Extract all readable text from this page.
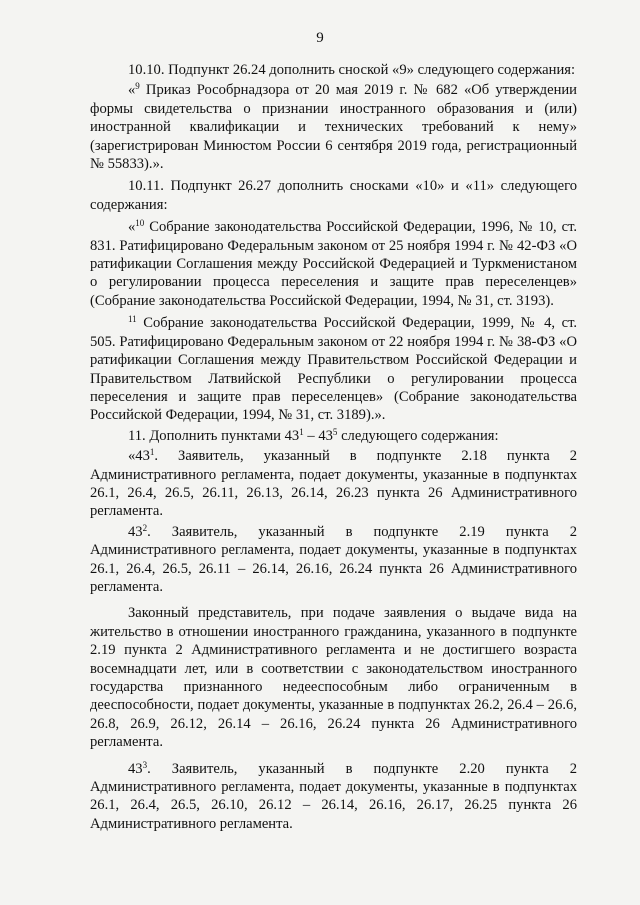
9

10.10. Подпункт 26.24 дополнить сноской «9» следующего содержания:

«$^9$ Приказ Рособрнадзора от 20 мая 2019 г. № 682 «Об утверждении формы свидетельства о признании иностранного образования и (или) иностранной квалификации и технических требований к нему» (зарегистрирован Минюстом России 6 сентября 2019 года, регистрационный № 55833).».

10.11. Подпункт 26.27 дополнить сносками «10» и «11» следующего содержания:

«$^{10}$ Собрание законодательства Российской Федерации, 1996, № 10, ст. 831. Ратифицировано Федеральным законом от 25 ноября 1994 г. № 42-ФЗ «О ратификации Соглашения между Российской Федерацией и Туркменистаном о регулировании процесса переселения и защите прав переселенцев» (Собрание законодательства Российской Федерации, 1994, № 31, ст. 3193).

$^{11}$ Собрание законодательства Российской Федерации, 1999, № 4, ст. 505. Ратифицировано Федеральным законом от 22 ноября 1994 г. № 38-ФЗ «О ратификации Соглашения между Правительством Российской Федерации и Правительством Латвийской Республики о регулировании процесса переселения и защите прав переселенцев» (Собрание законодательства Российской Федерации, 1994, № 31, ст. 3189).».

11. Дополнить пунктами $43^1 - 43^5$ следующего содержания:

«$43^1$. Заявитель, указанный в подпункте 2.18 пункта 2 Административного регламента, подает документы, указанные в подпунктах 26.1, 26.4, 26.5, 26.11, 26.13, 26.14, 26.23 пункта 26 Административного регламента.

$43^2$. Заявитель, указанный в подпункте 2.19 пункта 2 Административного регламента, подает документы, указанные в подпунктах 26.1, 26.4, 26.5, 26.11 – 26.14, 26.16, 26.24 пункта 26 Административного регламента.

Законный представитель, при подаче заявления о выдаче вида на жительство в отношении иностранного гражданина, указанного в подпункте 2.19 пункта 2 Административного регламента и не достигшего возраста восемнадцати лет, или в соответствии с законодательством иностранного государства признанного недееспособным либо ограниченным в дееспособности, подает документы, указанные в подпунктах 26.2, 26.4 – 26.6, 26.8, 26.9, 26.12, 26.14 – 26.16, 26.24 пункта 26 Административного регламента.

$43^3$. Заявитель, указанный в подпункте 2.20 пункта 2 Административного регламента, подает документы, указанные в подпунктах 26.1, 26.4, 26.5, 26.10, 26.12 – 26.14, 26.16, 26.17, 26.25 пункта 26 Административного регламента.
